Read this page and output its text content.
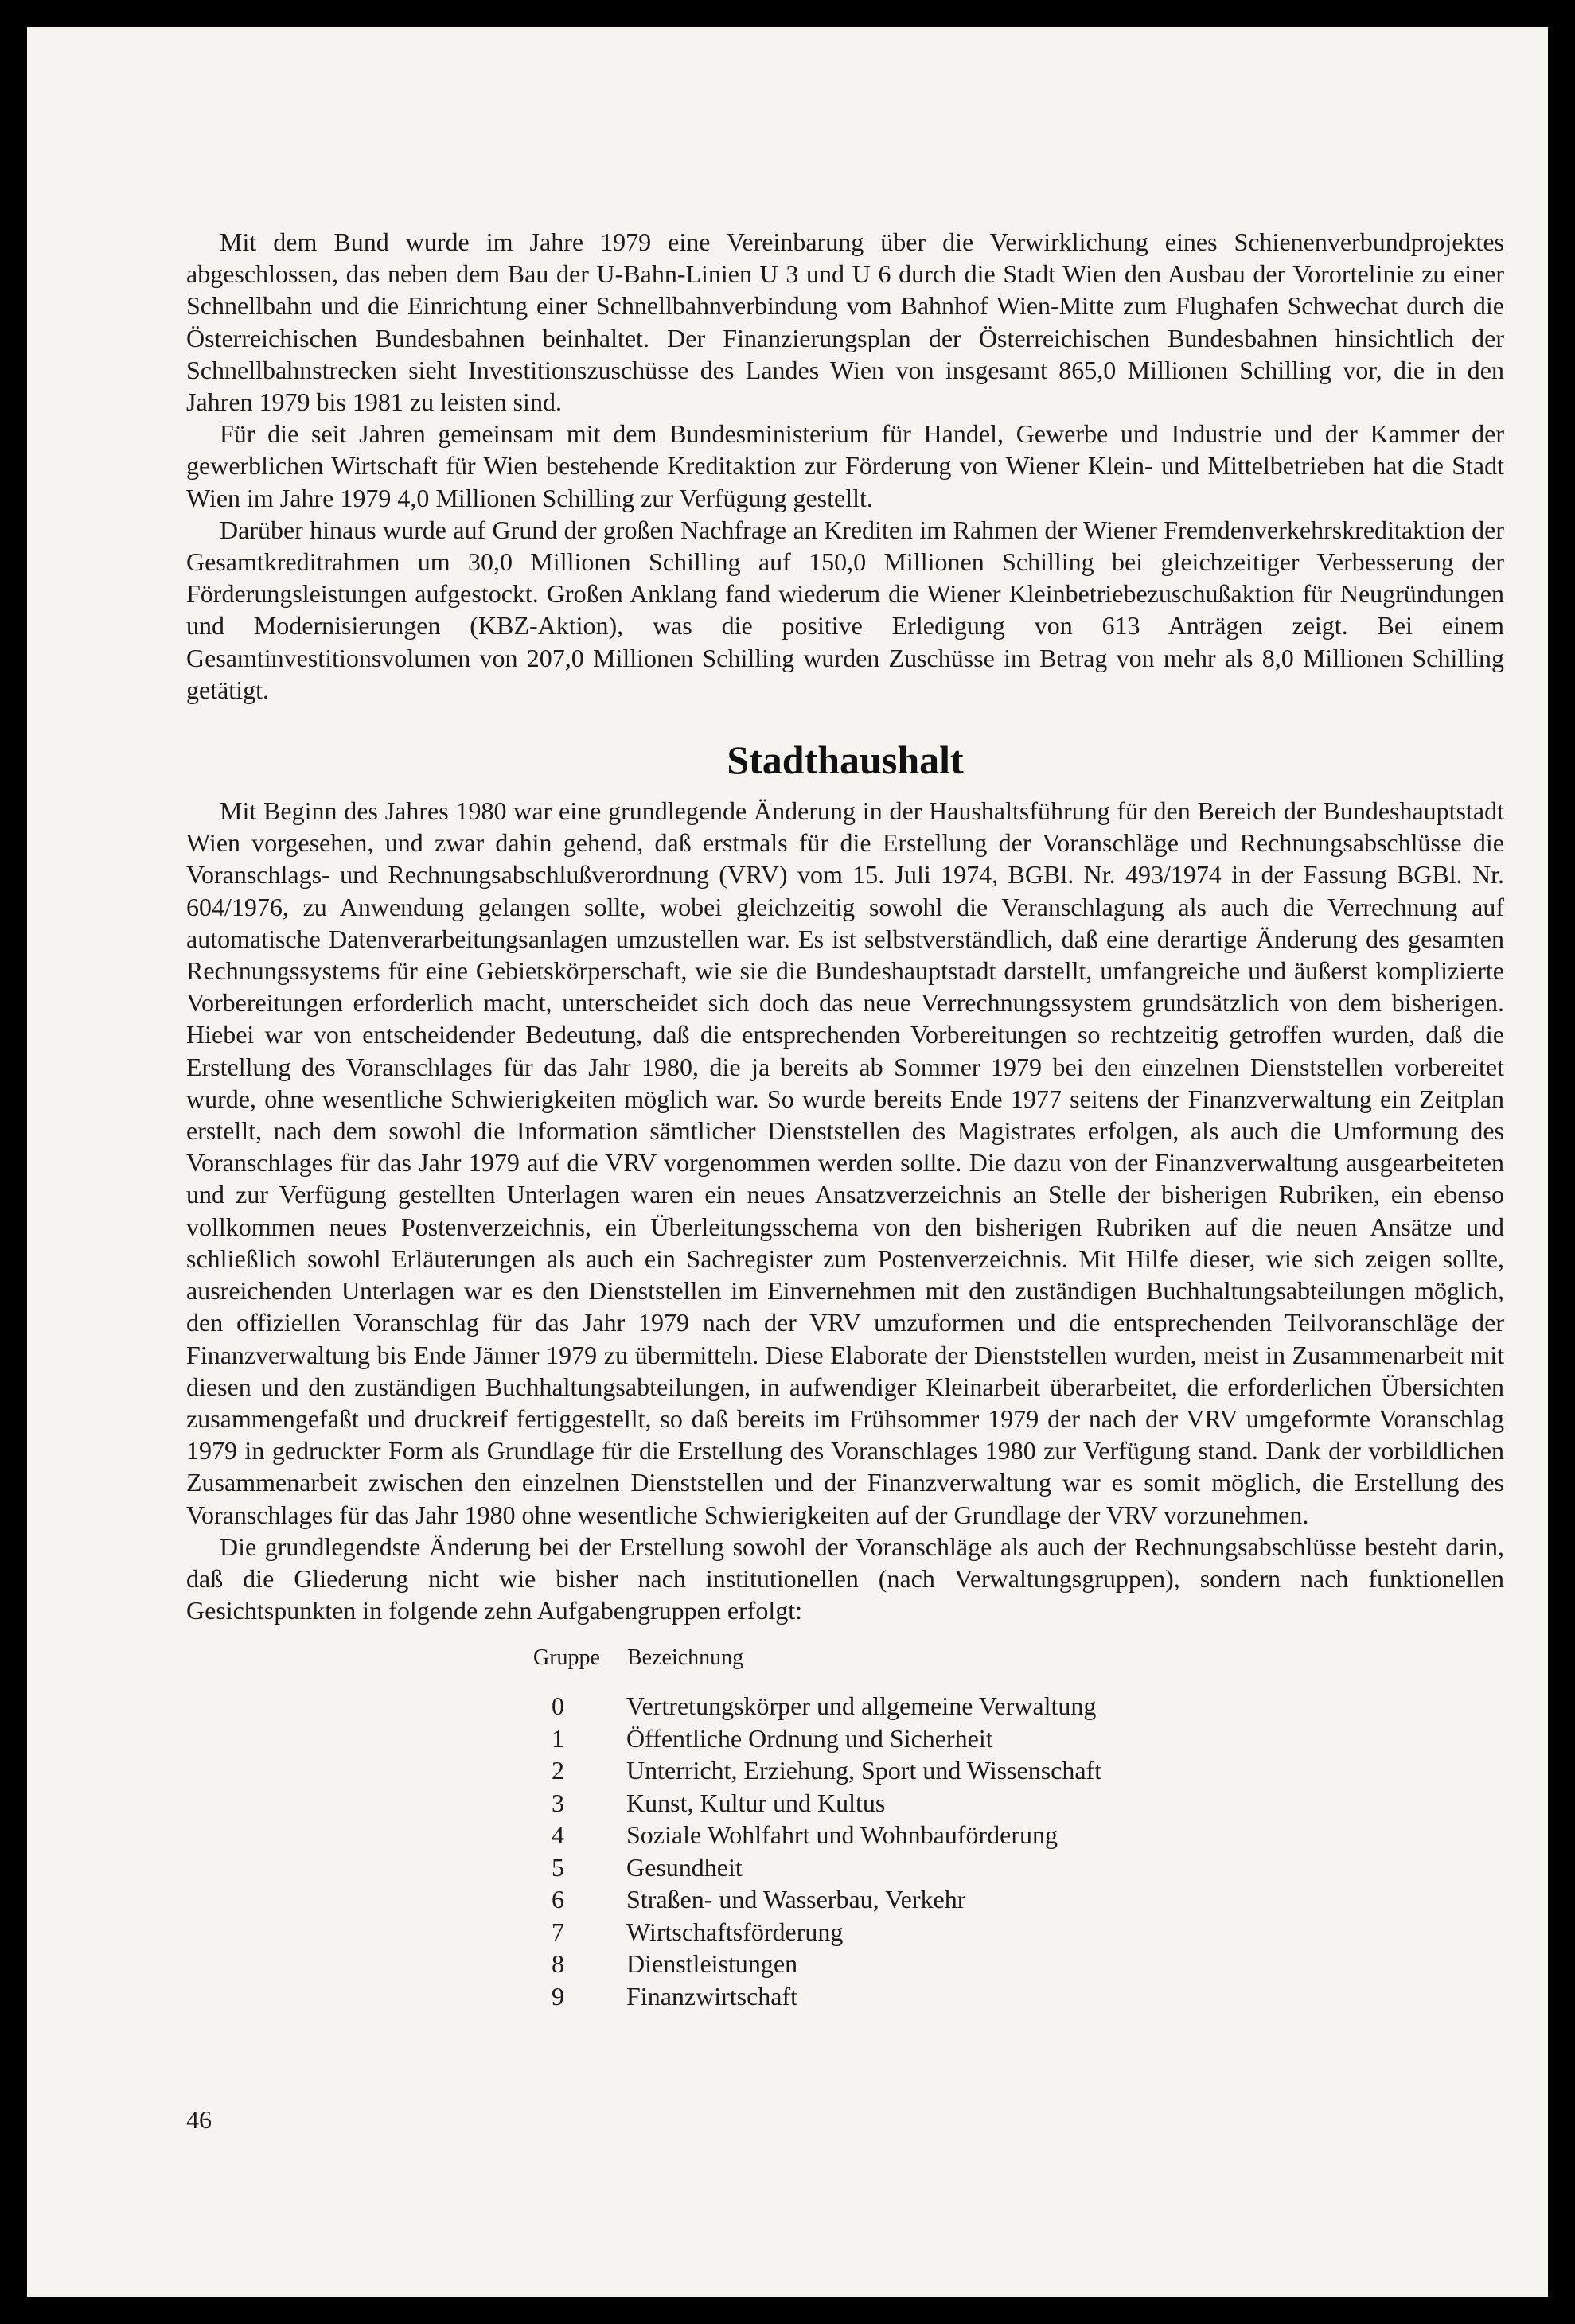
Mit dem Bund wurde im Jahre 1979 eine Vereinbarung über die Verwirklichung eines Schienenverbundprojektes abgeschlossen, das neben dem Bau der U-Bahn-Linien U 3 und U 6 durch die Stadt Wien den Ausbau der Vorortelinie zu einer Schnellbahn und die Einrichtung einer Schnellbahnverbindung vom Bahnhof Wien-Mitte zum Flughafen Schwechat durch die Österreichischen Bundesbahnen beinhaltet. Der Finanzierungsplan der Österreichischen Bundesbahnen hinsichtlich der Schnellbahnstrecken sieht Investitionszuschüsse des Landes Wien von insgesamt 865,0 Millionen Schilling vor, die in den Jahren 1979 bis 1981 zu leisten sind.

Für die seit Jahren gemeinsam mit dem Bundesministerium für Handel, Gewerbe und Industrie und der Kammer der gewerblichen Wirtschaft für Wien bestehende Kreditaktion zur Förderung von Wiener Klein- und Mittelbetrieben hat die Stadt Wien im Jahre 1979 4,0 Millionen Schilling zur Verfügung gestellt.

Darüber hinaus wurde auf Grund der großen Nachfrage an Krediten im Rahmen der Wiener Fremdenverkehrskreditaktion der Gesamtkreditrahmen um 30,0 Millionen Schilling auf 150,0 Millionen Schilling bei gleichzeitiger Verbesserung der Förderungsleistungen aufgestockt. Großen Anklang fand wiederum die Wiener Kleinbetriebezuschußaktion für Neugründungen und Modernisierungen (KBZ-Aktion), was die positive Erledigung von 613 Anträgen zeigt. Bei einem Gesamtinvestitionsvolumen von 207,0 Millionen Schilling wurden Zuschüsse im Betrag von mehr als 8,0 Millionen Schilling getätigt.

Stadthaushalt

Mit Beginn des Jahres 1980 war eine grundlegende Änderung in der Haushaltsführung für den Bereich der Bundeshauptstadt Wien vorgesehen, und zwar dahin gehend, daß erstmals für die Erstellung der Voranschläge und Rechnungsabschlüsse die Voranschlags- und Rechnungsabschlußverordnung (VRV) vom 15. Juli 1974, BGBl. Nr. 493/1974 in der Fassung BGBl. Nr. 604/1976, zu Anwendung gelangen sollte, wobei gleichzeitig sowohl die Veranschlagung als auch die Verrechnung auf automatische Datenverarbeitungsanlagen umzustellen war. Es ist selbstverständlich, daß eine derartige Änderung des gesamten Rechnungssystems für eine Gebietskörperschaft, wie sie die Bundeshauptstadt darstellt, umfangreiche und äußerst komplizierte Vorbereitungen erforderlich macht, unterscheidet sich doch das neue Verrechnungssystem grundsätzlich von dem bisherigen. Hiebei war von entscheidender Bedeutung, daß die entsprechenden Vorbereitungen so rechtzeitig getroffen wurden, daß die Erstellung des Voranschlages für das Jahr 1980, die ja bereits ab Sommer 1979 bei den einzelnen Dienststellen vorbereitet wurde, ohne wesentliche Schwierigkeiten möglich war. So wurde bereits Ende 1977 seitens der Finanzverwaltung ein Zeitplan erstellt, nach dem sowohl die Information sämtlicher Dienststellen des Magistrates erfolgen, als auch die Umformung des Voranschlages für das Jahr 1979 auf die VRV vorgenommen werden sollte. Die dazu von der Finanzverwaltung ausgearbeiteten und zur Verfügung gestellten Unterlagen waren ein neues Ansatzverzeichnis an Stelle der bisherigen Rubriken, ein ebenso vollkommen neues Postenverzeichnis, ein Überleitungsschema von den bisherigen Rubriken auf die neuen Ansätze und schließlich sowohl Erläuterungen als auch ein Sachregister zum Postenverzeichnis. Mit Hilfe dieser, wie sich zeigen sollte, ausreichenden Unterlagen war es den Dienststellen im Einvernehmen mit den zuständigen Buchhaltungsabteilungen möglich, den offiziellen Voranschlag für das Jahr 1979 nach der VRV umzuformen und die entsprechenden Teilvoranschläge der Finanzverwaltung bis Ende Jänner 1979 zu übermitteln. Diese Elaborate der Dienststellen wurden, meist in Zusammenarbeit mit diesen und den zuständigen Buchhaltungsabteilungen, in aufwendiger Kleinarbeit überarbeitet, die erforderlichen Übersichten zusammengefaßt und druckreif fertiggestellt, so daß bereits im Frühsommer 1979 der nach der VRV umgeformte Voranschlag 1979 in gedruckter Form als Grundlage für die Erstellung des Voranschlages 1980 zur Verfügung stand. Dank der vorbildlichen Zusammenarbeit zwischen den einzelnen Dienststellen und der Finanzverwaltung war es somit möglich, die Erstellung des Voranschlages für das Jahr 1980 ohne wesentliche Schwierigkeiten auf der Grundlage der VRV vorzunehmen.

Die grundlegendste Änderung bei der Erstellung sowohl der Voranschläge als auch der Rechnungsabschlüsse besteht darin, daß die Gliederung nicht wie bisher nach institutionellen (nach Verwaltungsgruppen), sondern nach funktionellen Gesichtspunkten in folgende zehn Aufgabengruppen erfolgt:

Gruppe	Bezeichnung
0	Vertretungskörper und allgemeine Verwaltung
1	Öffentliche Ordnung und Sicherheit
2	Unterricht, Erziehung, Sport und Wissenschaft
3	Kunst, Kultur und Kultus
4	Soziale Wohlfahrt und Wohnbauförderung
5	Gesundheit
6	Straßen- und Wasserbau, Verkehr
7	Wirtschaftsförderung
8	Dienstleistungen
9	Finanzwirtschaft
46
